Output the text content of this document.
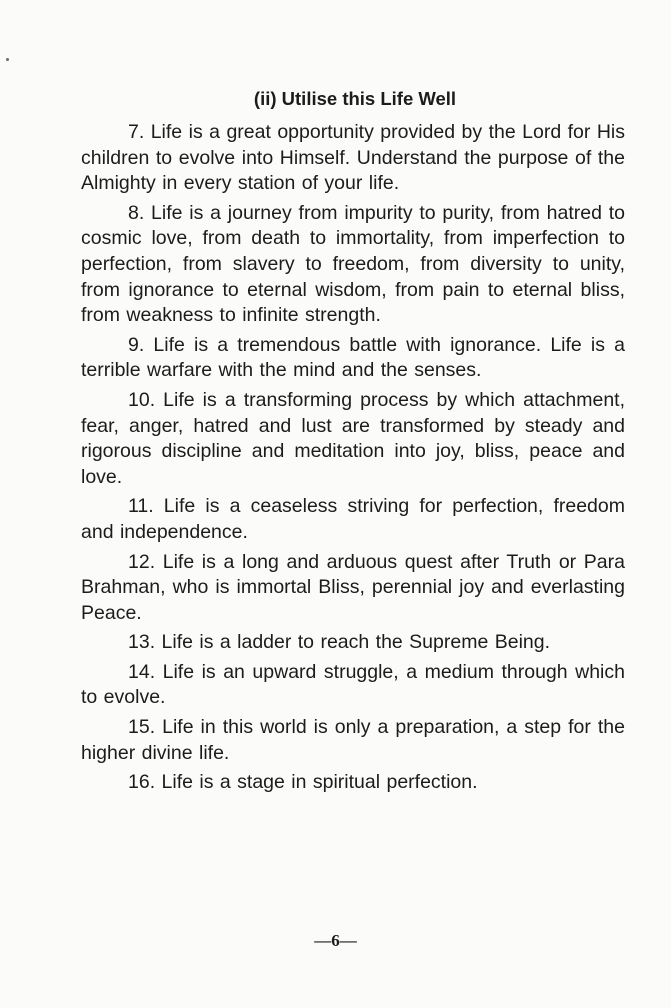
(ii) Utilise this Life Well

7. Life is a great opportunity provided by the Lord for His children to evolve into Himself. Understand the purpose of the Almighty in every station of your life.

8. Life is a journey from impurity to purity, from hatred to cosmic love, from death to immortality, from imperfection to perfection, from slavery to freedom, from diversity to unity, from ignorance to eternal wisdom, from pain to eternal bliss, from weakness to infinite strength.

9. Life is a tremendous battle with ignorance. Life is a terrible warfare with the mind and the senses.

10. Life is a transforming process by which attachment, fear, anger, hatred and lust are transformed by steady and rigorous discipline and meditation into joy, bliss, peace and love.

11. Life is a ceaseless striving for perfection, freedom and independence.

12. Life is a long and arduous quest after Truth or Para Brahman, who is immortal Bliss, perennial joy and everlasting Peace.

13. Life is a ladder to reach the Supreme Being.

14. Life is an upward struggle, a medium through which to evolve.

15. Life in this world is only a preparation, a step for the higher divine life.

16. Life is a stage in spiritual perfection.

—6—
